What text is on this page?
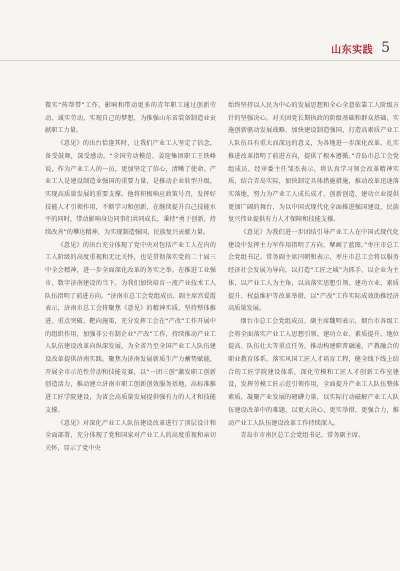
山东实践 5

微实“传帮带”工作，影响和带动更多的青年职工通过创新劳动、诚实劳动，实现自己的梦想，为推强山东省装备制造业贡献职工力量。

《意见》的出台恰逢其时，让我们产业工人坚定了信念，备受鼓舞，深受感动。“全国劳动模范、姜迎集团职工王铁峰说，作为产业工人的一员，更加坚定了信心，清晰了使命。产业工人是建设制造业强国的重要力量，是推动企业转型升级、实现高质量发展的重要支撑。他将积极响应政策号召，发挥好技能人才引领作用，不断学习和创新，在继续提升自己技能水平的同时，带动影响身边同事们共同成长，秉持“勇于创新，持续改善”的攀达精神，为实现制造强国，民族复兴贡献力量。

《意见》的出台充分体现了党中央对包括产业工人在内的工人阶级的高度重视和无比关怀，也是贯彻落实党的二十届三中全会精神，进一步全面深化改革的务实之举。在推进工业强市、数字济南建设的当下，为我们加快培育一流产业技术工人队伍指明了前进方向。“济南市总工会党组成员、副主席宫爱霞表示，济南市总工会将聚焦《意见》的精神实质，坚持整体推进、重点突破、靶向施策，充分发挥工会在“产改”工作开展中的组织作用，加强非公有制企业“产改”工作，持续推动产业工人队伍建设改革向纵深发展，为全省乃至全国产业工人队伍建设改革提供济南实践。聚焦为济南发展新质生产力蓄势赋能，开展全市示范性劳动和技能竞赛，以“一团三创”激发职工创新创造活力，推动建立济南市职工创新创效服务基地，高标准推进工匠学院建设，为省会高质量发展提供强有力的人才和技能支撑。

《意见》对深化产业工人队伍建设改革进行了顶层设计和全面部署，充分体现了党和国家对产业工人的高度重视和亲切关怀，显示了党中央

始终坚持以人民为中心的发展思想和全心全意依靠工人阶级方针的坚强决心，对关固党长期执政的阶级基础和群众基础、实施创新驱动发展战略、加快建设制造强国，打造高素质产业工人队伍具有重大而深远的意义，为各地进一步深化改革、扎实推进改革指明了前进方向，提供了根本遵循。”青岛市总工会党组成员、经审委主任邹杰表示，将认真学习领会改革精神实质，结合青岛实际，加快制定具体措施措施，推动改革迅速落实落地，努力为产业工人成长成才，创新创造、建功立业提供更加广阔的舞台，为以中国式现代化全面推进强国建设，民族复兴伟业提供有力人才保障和技能支撑。

《意见》为我们进一步团结引导产业工人在中国式现代化建设中发挥主力军作用指明了方向、擘画了蓝图。”枣庄市总工会党组书记、常务副主席闫朝和表示，枣庄市总工会将以服务经济社会发展为导向，以打造“工匠之城”为抓手，以企业为主体，以产业工人为主角，以高落实思想引领、建功立业、素质提升、权益维护等改革举措，以“产改”工作实际成效助推经济高质量发展。

烟台市总工会党组成员、副主席魏明表示，烟台市各级工会将全面落实产业工人思想引领、建功立业、素质提升、地位提高、队伍壮大等重点任务，推动构建职普融通、产教融合的职业教育体系，落实风国工匠人才培育工程，健全线下线上结合的工匠学院建设体系，深化劳模和工匠人才创新工作室建设，发挥劳模工匠示范引领作用，全面提升产业工人队伍整体素质，凝聚产业发展的磅礴力量，以实际行动磁解产业工人队伍建设改革中的难题，以更大决心、更实举措、更强合力，推动产业工人队伍建设改革工作持续深入。

青岛市市南区总工会党组书记、常务副主席、
